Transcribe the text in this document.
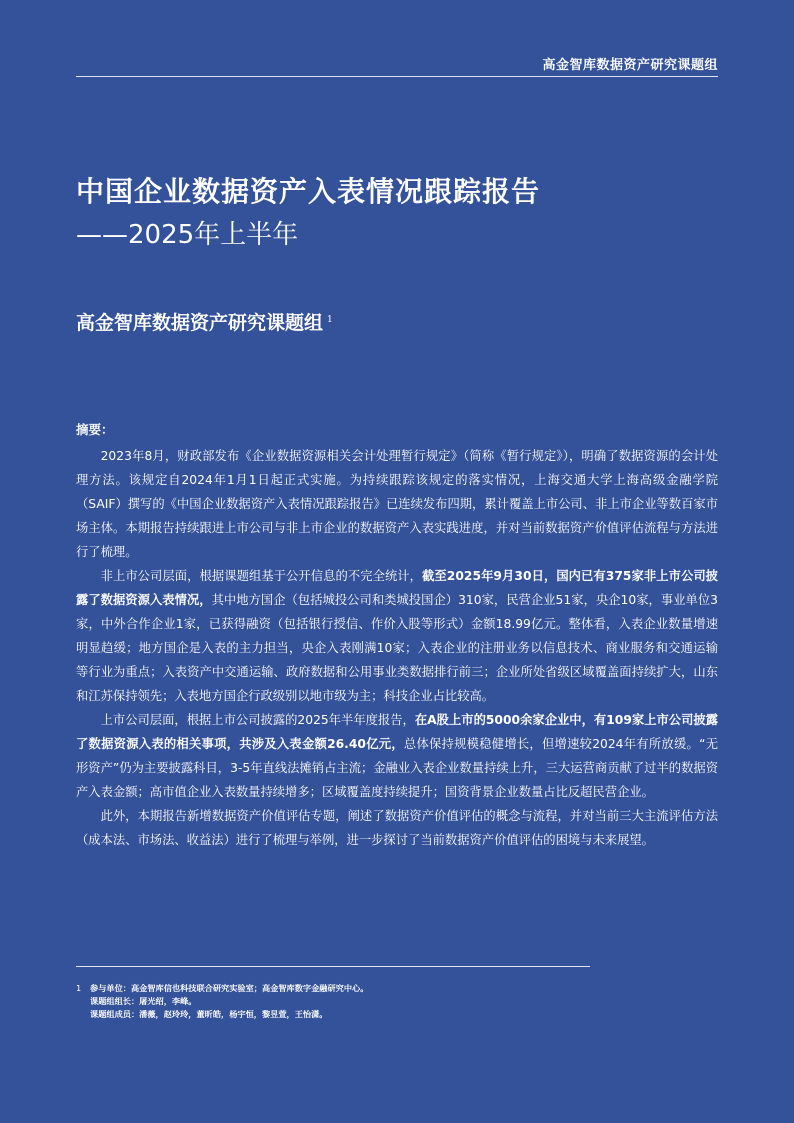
高金智库数据资产研究课题组
中国企业数据资产入表情况跟踪报告
——2025年上半年
高金智库数据资产研究课题组 $^1$
摘要：

2023年8月，财政部发布《企业数据资源相关会计处理暂行规定》（简称《暂行规定》），明确了数据资源的会计处理方法。该规定自2024年1月1日起正式实施。为持续跟踪该规定的落实情况，上海交通大学上海高级金融学院（SAIF）撰写的《中国企业数据资产入表情况跟踪报告》已连续发布四期，累计覆盖上市公司、非上市企业等数百家市场主体。本期报告持续跟进上市公司与非上市企业的数据资产入表实践进度，并对当前数据资产价值评估流程与方法进行了梳理。

非上市公司层面，根据课题组基于公开信息的不完全统计，截至2025年9月30日，国内已有375家非上市公司披露了数据资源入表情况，其中地方国企（包括城投公司和类城投国企）310家，民营企业51家，央企10家，事业单位3家，中外合作企业1家，已获得融资（包括银行授信、作价入股等形式）金额18.99亿元。整体看，入表企业数量增速明显趋缓；地方国企是入表的主力担当，央企入表刚满10家；入表企业的注册业务以信息技术、商业服务和交通运输等行业为重点；入表资产中交通运输、政府数据和公用事业类数据排行前三；企业所处省级区域覆盖面持续扩大，山东和江苏保持领先；入表地方国企行政级别以地市级为主；科技企业占比较高。

上市公司层面，根据上市公司披露的2025年半年度报告，在A股上市的5000余家企业中，有109家上市公司披露了数据资源入表的相关事项，共涉及入表金额26.40亿元，总体保持规模稳健增长，但增速较2024年有所放缓。“无形资产”仍为主要披露科目，3-5年直线法摊销占主流；金融业入表企业数量持续上升，三大运营商贡献了过半的数据资产入表金额；高市值企业入表数量持续增多；区域覆盖度持续提升；国资背景企业数量占比反超民营企业。

此外，本期报告新增数据资产价值评估专题，阐述了数据资产价值评估的概念与流程，并对当前三大主流评估方法（成本法、市场法、收益法）进行了梳理与举例，进一步探讨了当前数据资产价值评估的困境与未来展望。

1 参与单位：高金智库信也科技联合研究实验室；高金智库数字金融研究中心。
课题组组长：屠光绍，李峰。
课题组成员：潘薇，赵玲玲，董昕皓，杨宇恒，黎昱萱，王怡潇。
